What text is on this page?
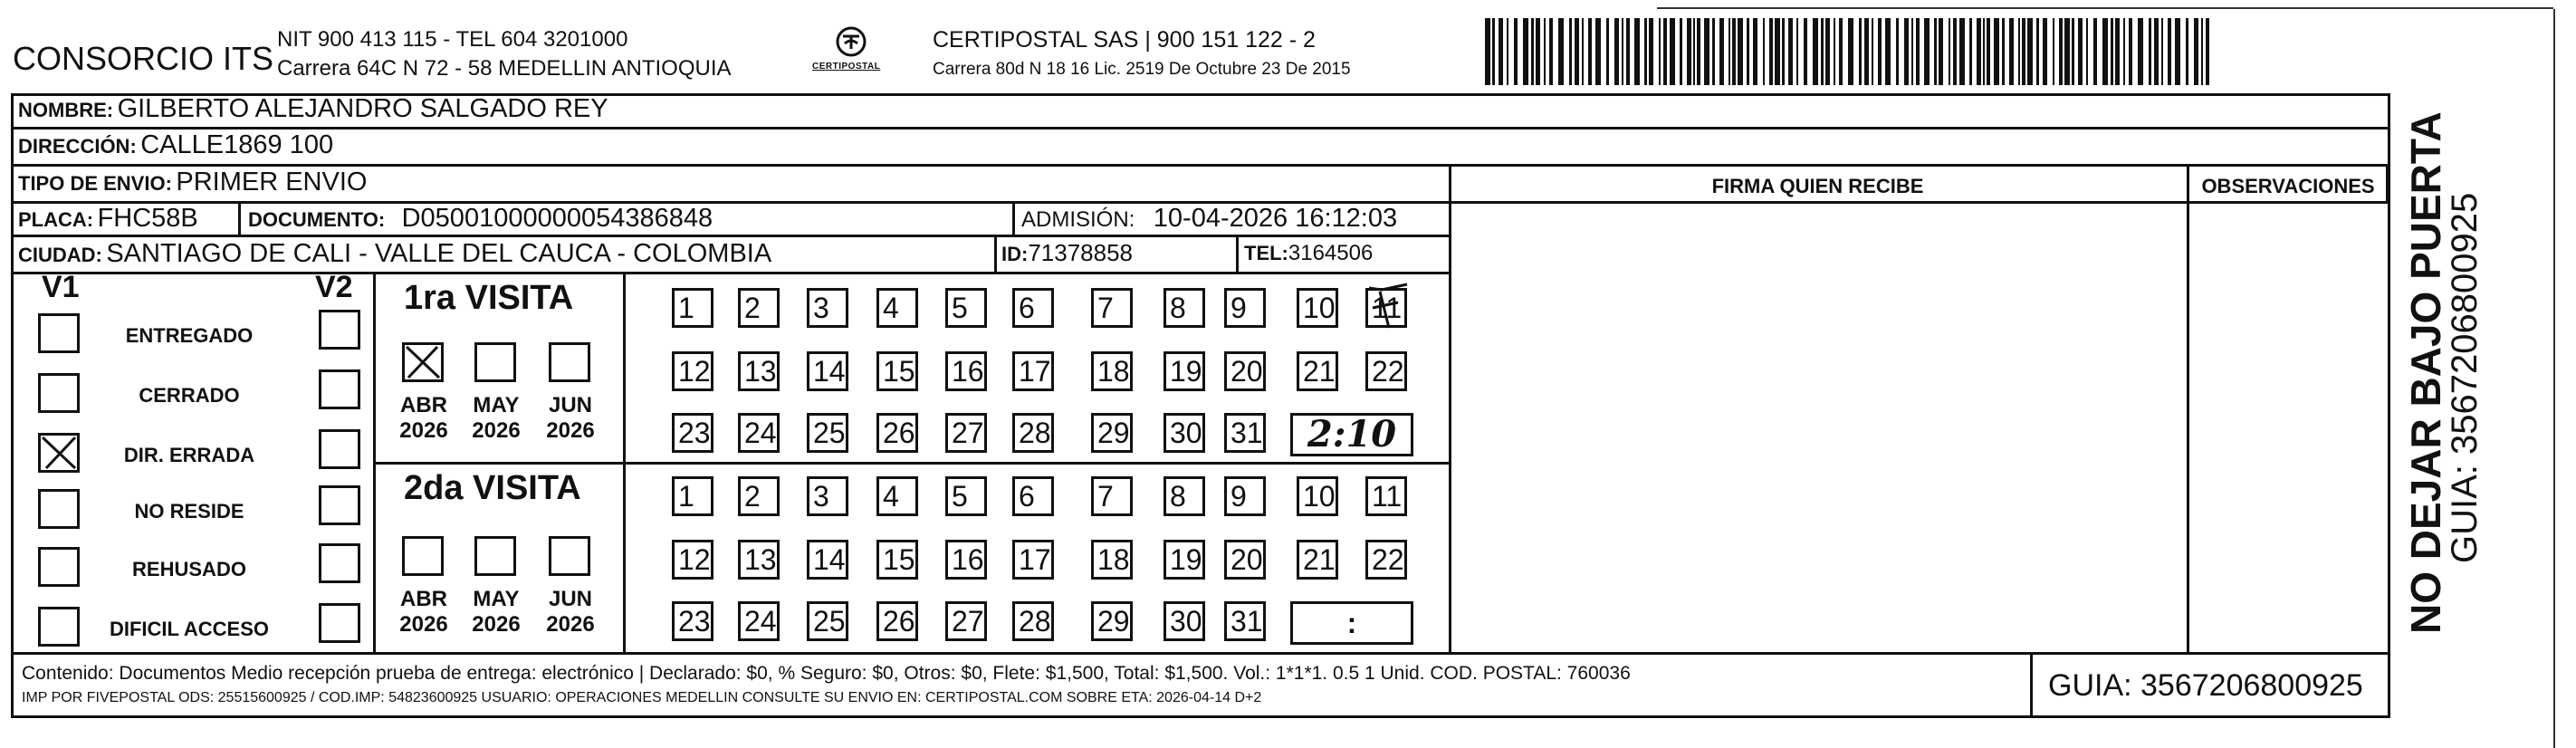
CONSORCIO ITS
NIT 900 413 115 - TEL 604 3201000
Carrera 64C N 72 - 58 MEDELLIN ANTIOQUIA	CERTIPOSTAL
CERTIPOSTAL SAS | 900 151 122 - 2
Carrera 80d N 18 16 Lic. 2519 De Octubre 23 De 2015
NOMBRE: GILBERTO ALEJANDRO SALGADO REY
DIRECCIÓN: CALLE1869 100
TIPO DE ENVIO: PRIMER ENVIO	FIRMA QUIEN RECIBE	OBSERVACIONES
PLACA: FHC58B	DOCUMENTO: D05001000000054386848	ADMISIÓN: 10-04-2026 16:12:03
CIUDAD: SANTIAGO DE CALI - VALLE DEL CAUCA - COLOMBIA	ID:71378858	TEL:3164506
V1	V2
ENTREGADO
CERRADO
DIR. ERRADA
NO RESIDE
REHUSADO
DIFICIL ACCESO
1ra VISITA
2da VISITA
ABR
2026
MAY
2026
JUN
2026
ABR
2026
MAY
2026
JUN
2026
1	2	3	4	5	6	7	8	9	10 11
12 13 14 15 16 17 18 19 20 21 22
23 24 25 26 27 28 29 30 31	2:10
1	2	3	4	5	6	7	8	9	10 11
12 13 14 15 16 17 18 19 20 21 22
23 24 25 26 27 28 29 30 31	:
Contenido: Documentos Medio recepción prueba de entrega: electrónico | Declarado: $0, % Seguro: $0, Otros: $0, Flete: $1,500, Total: $1,500. Vol.: 1*1*1. 0.5 1 Unid. COD. POSTAL: 760036
IMP POR FIVEPOSTAL ODS: 25515600925 / COD.IMP: 54823600925 USUARIO: OPERACIONES MEDELLIN CONSULTE SU ENVIO EN: CERTIPOSTAL.COM SOBRE ETA: 2026-04-14 D+2	GUIA: 3567206800925
NO DEJAR BAJO PUERTA
GUIA: 3567206800925
